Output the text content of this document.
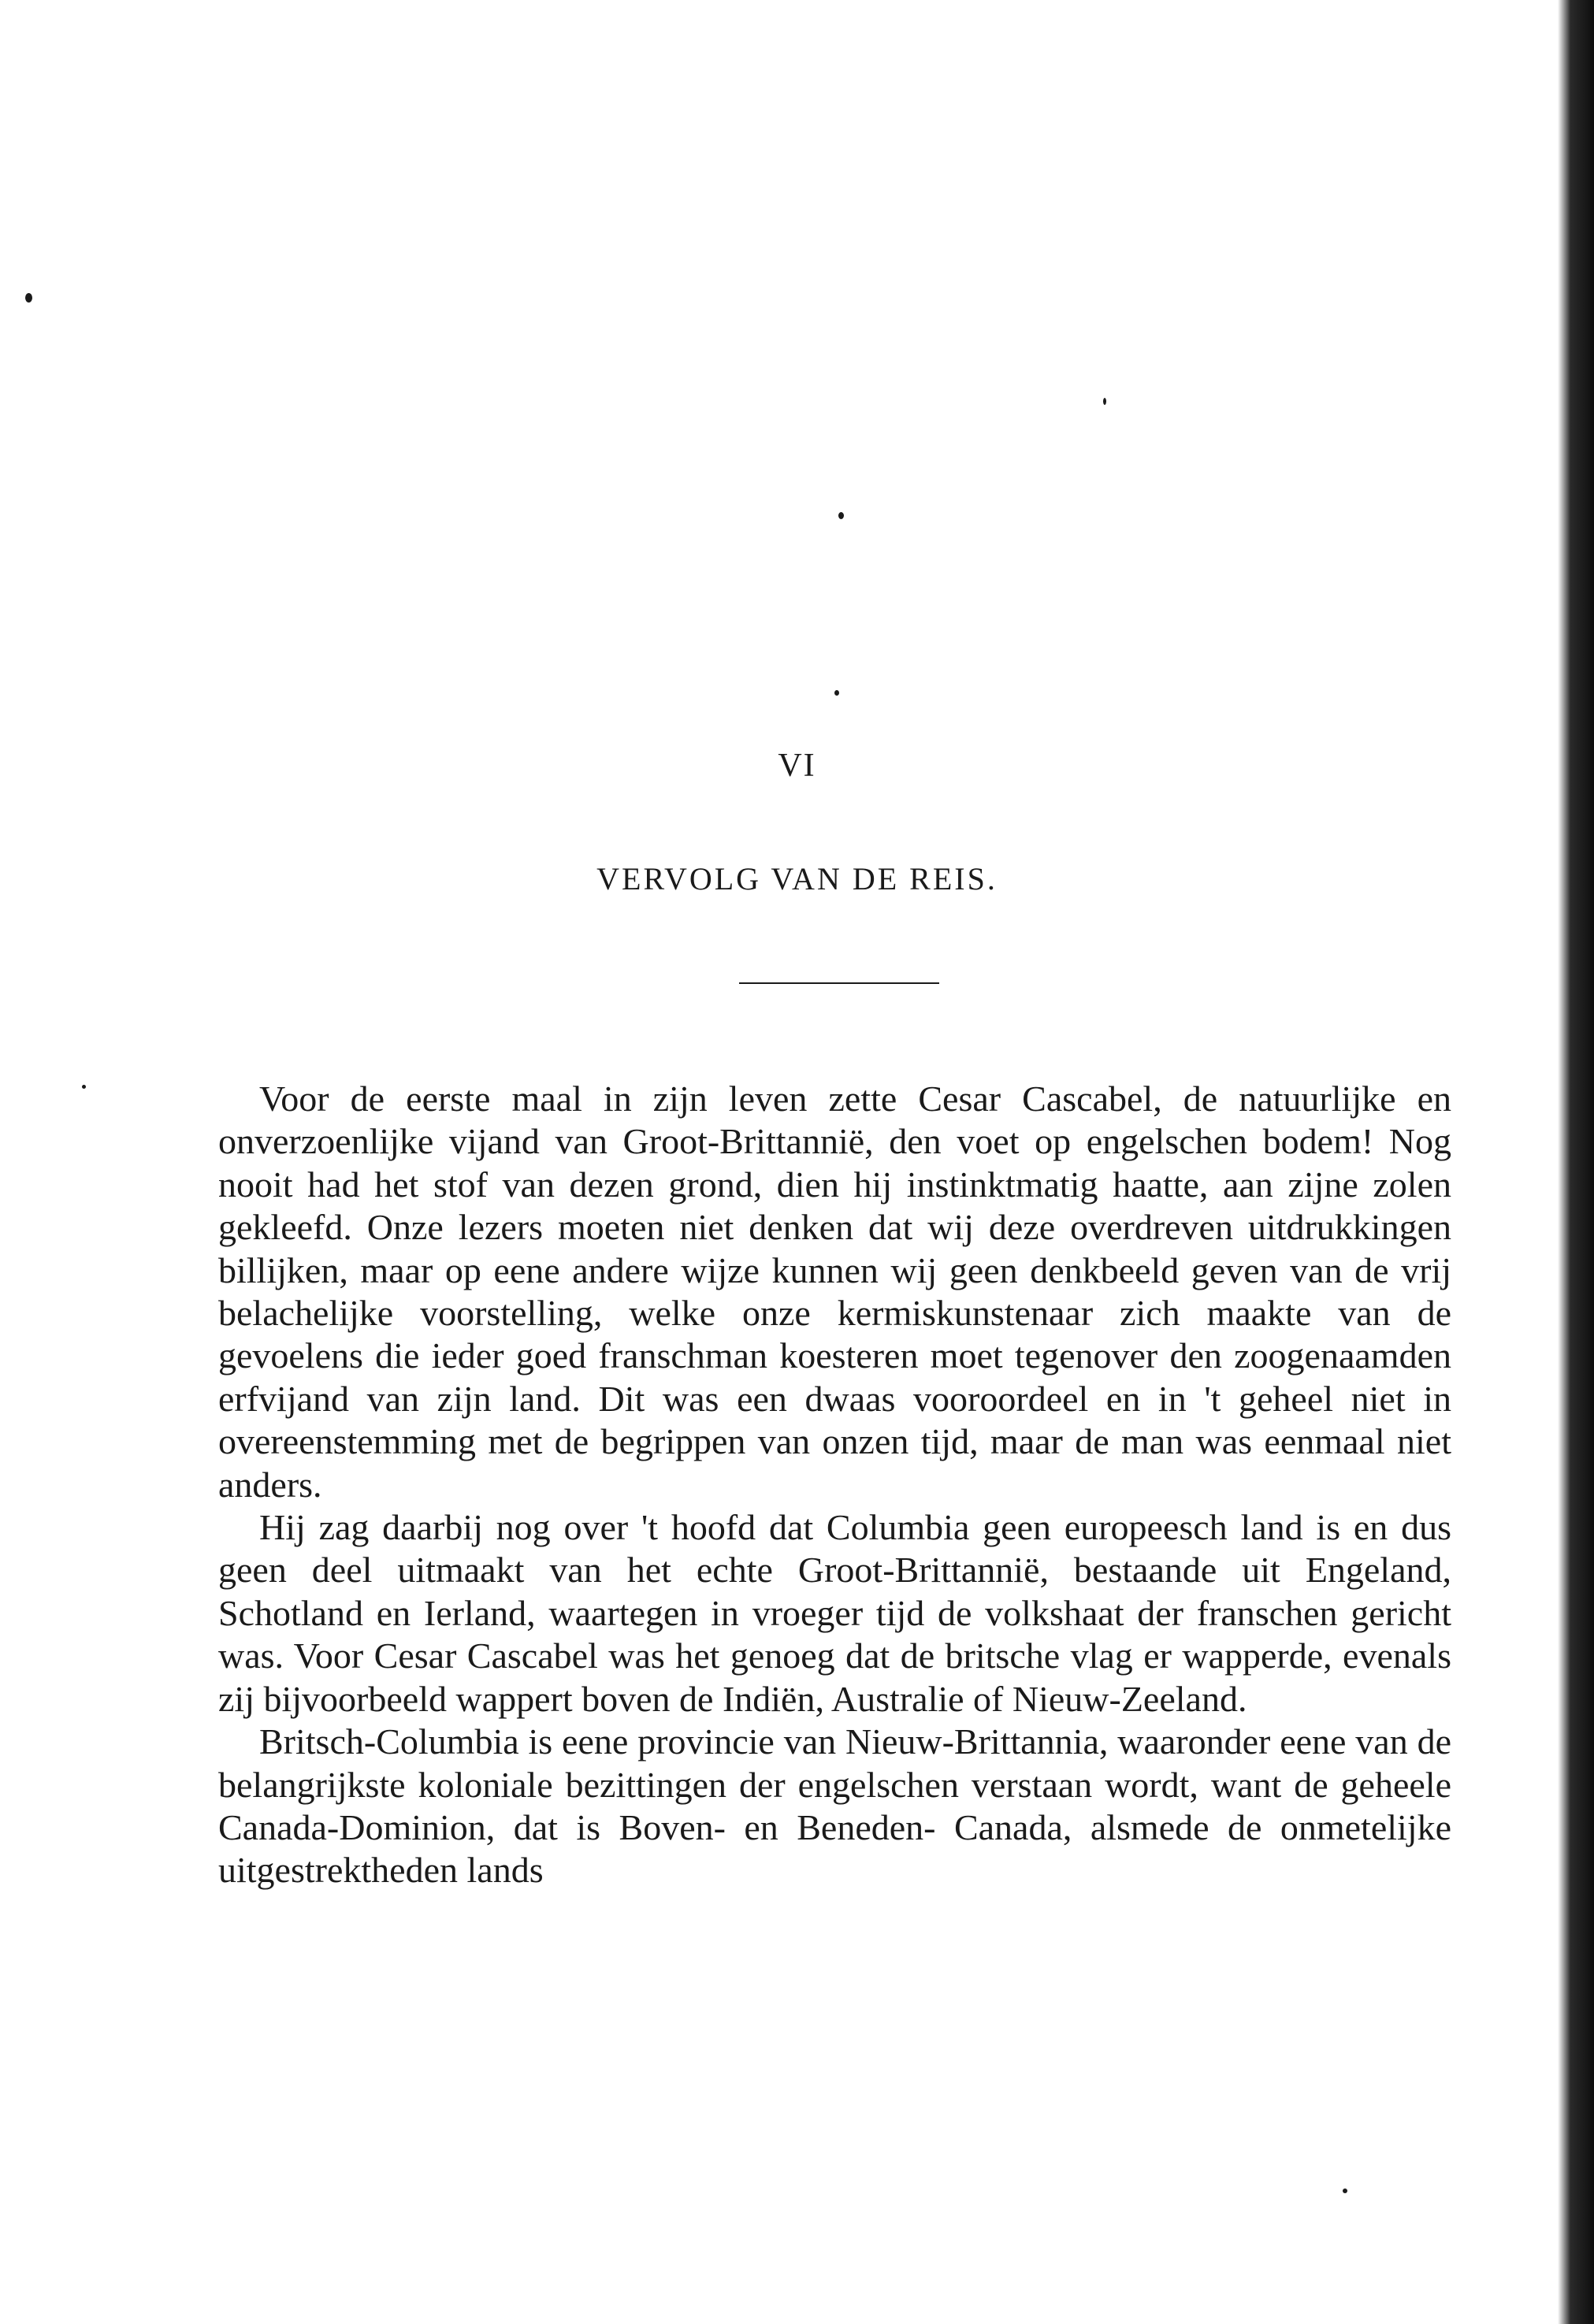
VI
VERVOLG VAN DE REIS.

Voor de eerste maal in zijn leven zette Cesar Cascabel, de natuurlijke en onverzoenlijke vijand van Groot-Brittannië, den voet op engelschen bodem! Nog nooit had het stof van dezen grond, dien hij instinktmatig haatte, aan zijne zolen gekleefd. Onze lezers moeten niet denken dat wij deze overdreven uitdrukkingen billijken, maar op eene andere wijze kunnen wij geen denkbeeld geven van de vrij belachelijke voorstelling, welke onze kermiskunstenaar zich maakte van de gevoelens die ieder goed franschman koesteren moet tegenover den zoogenaamden erfvijand van zijn land. Dit was een dwaas vooroordeel en in 't geheel niet in overeenstemming met de begrippen van onzen tijd, maar de man was eenmaal niet anders.

Hij zag daarbij nog over 't hoofd dat Columbia geen europeesch land is en dus geen deel uitmaakt van het echte Groot-Brittannië, bestaande uit Engeland, Schotland en Ierland, waartegen in vroeger tijd de volkshaat der franschen gericht was. Voor Cesar Cascabel was het genoeg dat de britsche vlag er wapperde, evenals zij bijvoorbeeld wappert boven de Indiën, Australie of Nieuw-Zeeland.

Britsch-Columbia is eene provincie van Nieuw-Brittannia, waaronder eene van de belangrijkste koloniale bezittingen der engelschen verstaan wordt, want de geheele Canada-Dominion, dat is Boven- en Beneden- Canada, alsmede de onmetelijke uitgestrektheden lands
